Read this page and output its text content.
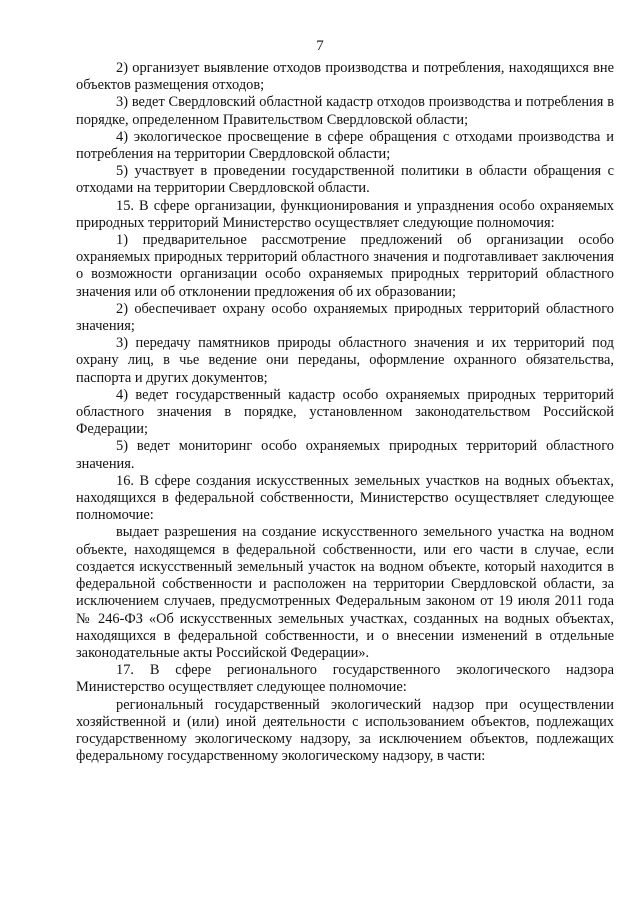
7

2) организует выявление отходов производства и потребления, находящихся вне объектов размещения отходов;

3) ведет Свердловский областной кадастр отходов производства и потребления в порядке, определенном Правительством Свердловской области;

4) экологическое просвещение в сфере обращения с отходами производства и потребления на территории Свердловской области;

5) участвует в проведении государственной политики в области обращения с отходами на территории Свердловской области.

15. В сфере организации, функционирования и упразднения особо охраняемых природных территорий Министерство осуществляет следующие полномочия:

1) предварительное рассмотрение предложений об организации особо охраняемых природных территорий областного значения и подготавливает заключения о возможности организации особо охраняемых природных территорий областного значения или об отклонении предложения об их образовании;

2) обеспечивает охрану особо охраняемых природных территорий областного значения;

3) передачу памятников природы областного значения и их территорий под охрану лиц, в чье ведение они переданы, оформление охранного обязательства, паспорта и других документов;

4) ведет государственный кадастр особо охраняемых природных территорий областного значения в порядке, установленном законодательством Российской Федерации;

5) ведет мониторинг особо охраняемых природных территорий областного значения.

16. В сфере создания искусственных земельных участков на водных объектах, находящихся в федеральной собственности, Министерство осуществляет следующее полномочие:

выдает разрешения на создание искусственного земельного участка на водном объекте, находящемся в федеральной собственности, или его части в случае, если создается искусственный земельный участок на водном объекте, который находится в федеральной собственности и расположен на территории Свердловской области, за исключением случаев, предусмотренных Федеральным законом от 19 июля 2011 года № 246-ФЗ «Об искусственных земельных участках, созданных на водных объектах, находящихся в федеральной собственности, и о внесении изменений в отдельные законодательные акты Российской Федерации».

17. В сфере регионального государственного экологического надзора Министерство осуществляет следующее полномочие:

региональный государственный экологический надзор при осуществлении хозяйственной и (или) иной деятельности с использованием объектов, подлежащих государственному экологическому надзору, за исключением объектов, подлежащих федеральному государственному экологическому надзору, в части:
